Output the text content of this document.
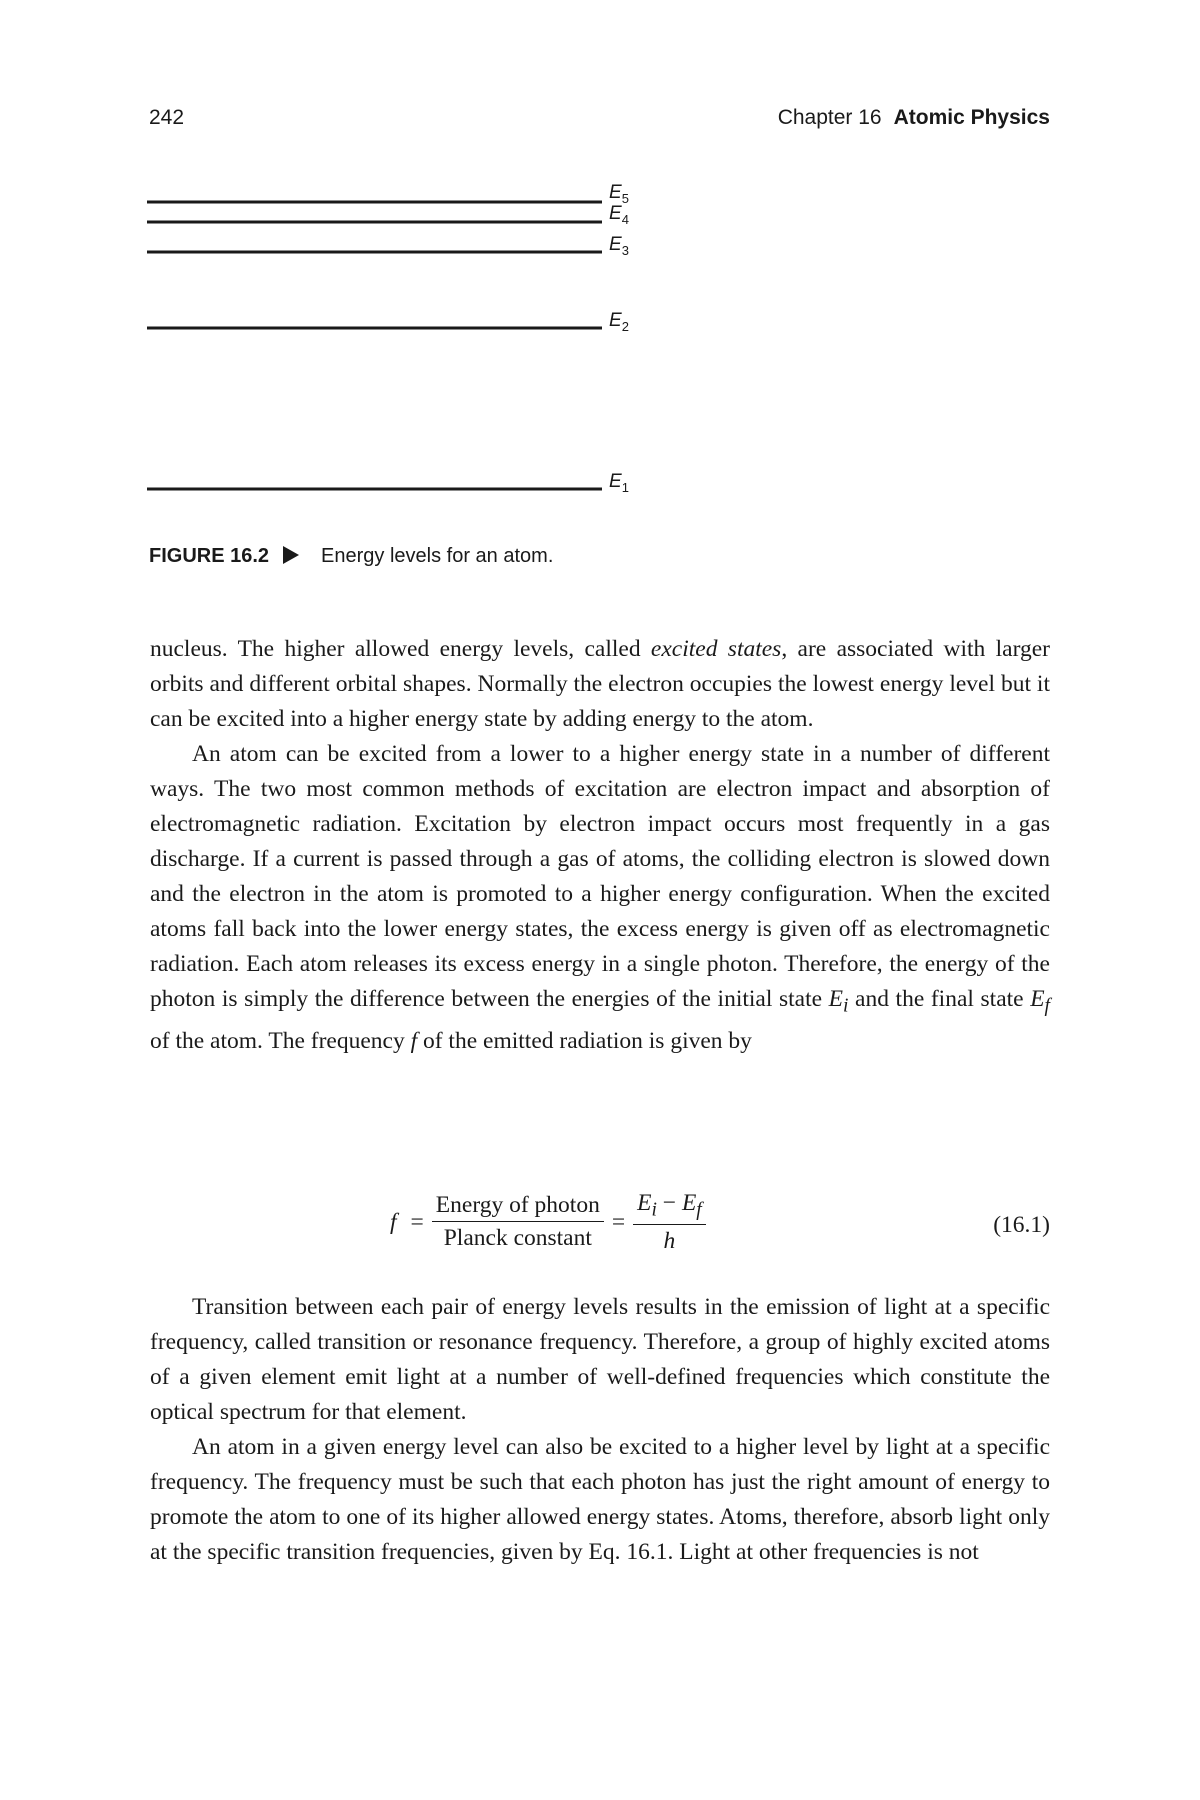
242	Chapter 16 Atomic Physics
$E_5$
$E_4$
$E_3$
$E_2$
$E_1$
FIGURE 16.2	Energy levels for an atom.

nucleus. The higher allowed energy levels, called excited states, are associated with larger orbits and different orbital shapes. Normally the electron occupies the lowest energy level but it can be excited into a higher energy state by adding energy to the atom.

An atom can be excited from a lower to a higher energy state in a number of different ways. The two most common methods of excitation are electron impact and absorption of electromagnetic radiation. Excitation by electron impact occurs most frequently in a gas discharge. If a current is passed through a gas of atoms, the colliding electron is slowed down and the electron in the atom is promoted to a higher energy configuration. When the excited atoms fall back into the lower energy states, the excess energy is given off as electromagnetic radiation. Each atom releases its excess energy in a single photon. Therefore, the energy of the photon is simply the difference between the energies of the initial state $E_i$ and the final state $E_f$ of the atom. The frequency f of the emitted radiation is given by

$f = \frac{\text{Energy of photon}}{\text{Planck constant}} = \frac{E_i - E_f}{h}$	(16.1)

Transition between each pair of energy levels results in the emission of light at a specific frequency, called transition or resonance frequency. Therefore, a group of highly excited atoms of a given element emit light at a number of well-defined frequencies which constitute the optical spectrum for that element.

An atom in a given energy level can also be excited to a higher level by light at a specific frequency. The frequency must be such that each photon has just the right amount of energy to promote the atom to one of its higher allowed energy states. Atoms, therefore, absorb light only at the specific transition frequencies, given by Eq. 16.1. Light at other frequencies is not
